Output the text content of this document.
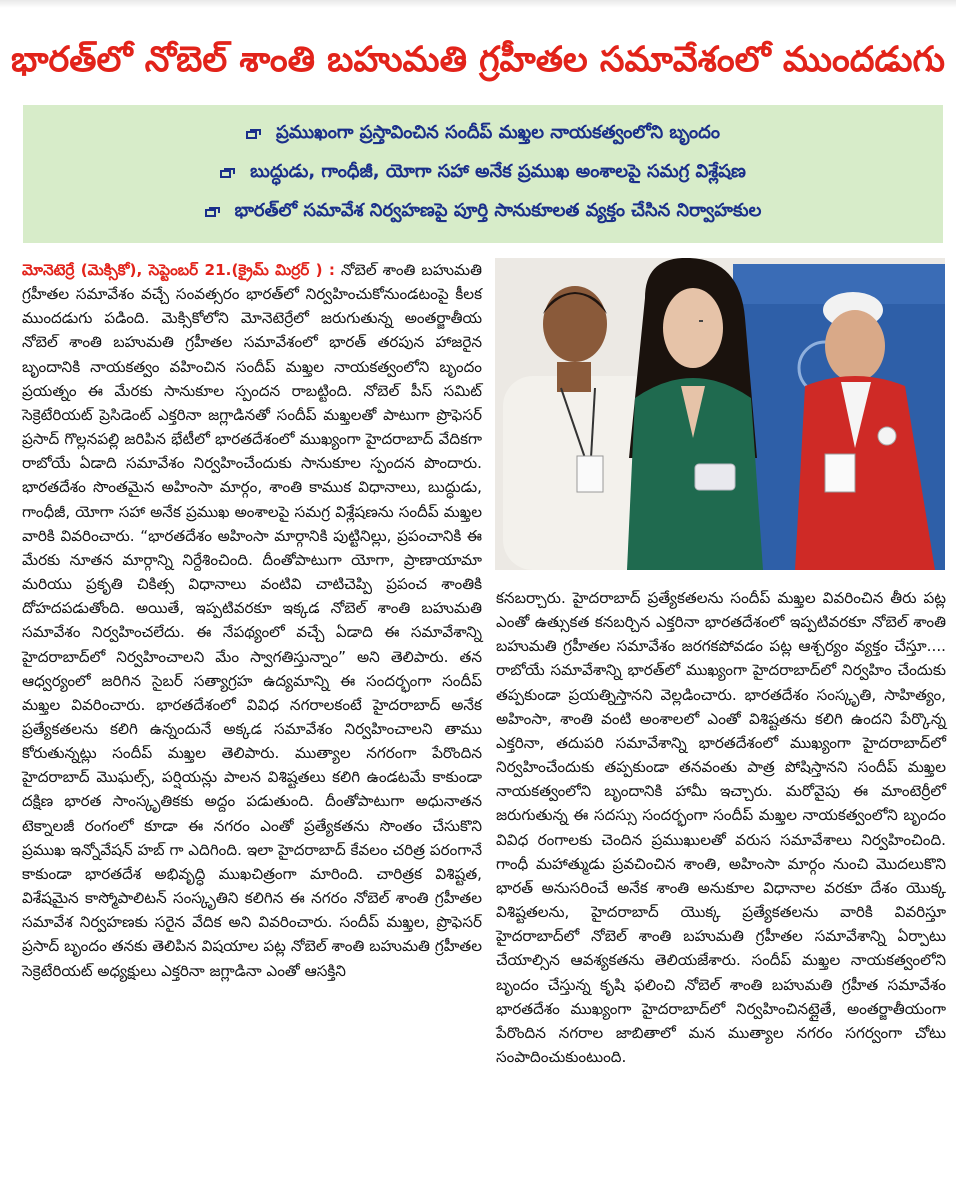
భారత్‌లో నోబెల్ శాంతి బహుమతి గ్రహీతల సమావేశంలో ముందడుగు
ప్రముఖంగా ప్రస్తావించిన సందీప్ మఖ్తల నాయకత్వంలోని బృందం
బుద్ధుడు, గాంధీజీ, యోగా సహా అనేక ప్రముఖ అంశాలపై సమగ్ర విశ్లేషణ
భారత్‌లో సమావేశ నిర్వహణపై పూర్తి సానుకూలత వ్యక్తం చేసిన నిర్వాహకుల
మోనెటెర్రే (మెక్సికో), సెప్టెంబర్ 21.(క్రైమ్ మిర్రర్ ) : నోబెల్ శాంతి బహుమతి గ్రహీతల సమావేశం వచ్చే సంవత్సరం భారత్‌లో నిర్వహించుకోనుండటంపై కీలక ముందడుగు పడింది. మెక్సికోలోని మోనెటెర్రేలో జరుగుతున్న అంతర్జాతీయ నోబెల్ శాంతి బహుమతి గ్రహీతల సమావేశంలో భారత్ తరపున హాజరైన బృందానికి నాయకత్వం వహించిన సందీప్ మఖ్తల నాయకత్వంలోని బృందం ప్రయత్నం ఈ మేరకు సానుకూల స్పందన రాబట్టింది. నోబెల్ పీస్ సమిట్ సెక్రెటేరియట్ ప్రెసిడెంట్ ఎక్తరినా జగ్లాడినతో సందీప్ మఖ్తలతో పాటుగా ప్రొఫెసర్ ప్రసాద్ గొల్లనపల్లి జరిపిన భేటీలో భారతదేశంలో ముఖ్యంగా హైదరాబాద్ వేదికగా రాబోయే ఏడాది సమావేశం నిర్వహించేందుకు సానుకూల స్పందన పొందారు. భారతదేశం సొంతమైన అహింసా మార్గం, శాంతి కాముక విధానాలు, బుద్ధుడు, గాంధీజీ, యోగా సహా అనేక ప్రముఖ అంశాలపై సమగ్ర విశ్లేషణను సందీప్ మఖ్తల వారికి వివరించారు. “భారతదేశం అహింసా మార్గానికి పుట్టినిల్లు, ప్రపంచానికి ఈ మేరకు నూతన మార్గాన్ని నిర్దేశించింది. దీంతోపాటుగా యోగా, ప్రాణాయామా మరియు ప్రకృతి చికిత్స విధానాలు వంటివి చాటిచెప్పి ప్రపంచ శాంతికి దోహదపడుతోంది. అయితే, ఇప్పటివరకూ ఇక్కడ నోబెల్ శాంతి బహుమతి సమావేశం నిర్వహించలేదు. ఈ నేపథ్యంలో వచ్చే ఏడాది ఈ సమావేశాన్ని హైదరాబాద్‌లో నిర్వహించాలని మేం స్వాగతిస్తున్నాం” అని తెలిపారు. తన ఆధ్వర్యంలో జరిగిన సైబర్ సత్యాగ్రహ ఉద్యమాన్ని ఈ సందర్భంగా సందీప్ మఖ్తల వివరించారు. భారతదేశంలో వివిధ నగరాలకంటే హైదరాబాద్ అనేక ప్రత్యేకతలను కలిగి ఉన్నందునే అక్కడ సమావేశం నిర్వహించాలని తాము కోరుతున్నట్లు సందీప్ మఖ్తల తెలిపారు. ముత్యాల నగరంగా పేరొందిన హైదరాబాద్ మొఘల్స్, పర్షియన్లు పాలన విశిష్టతలు కలిగి ఉండటమే కాకుండా దక్షిణ భారత సాంస్కృతికకు అద్దం పడుతుంది. దీంతోపాటుగా అధునాతన టెక్నాలజీ రంగంలో కూడా ఈ నగరం ఎంతో ప్రత్యేకతను సొంతం చేసుకొని ప్రముఖ ఇన్నోవేషన్ హబ్ గా ఎదిగింది. ఇలా హైదరాబాద్ కేవలం చరిత్ర పరంగానే కాకుండా భారతదేశ అభివృద్ధి ముఖచిత్రంగా మారింది. చారిత్రక విశిష్టత, విశేషమైన కాస్మోపాలిటన్ సంస్కృతిని కలిగిన ఈ నగరం నోబెల్ శాంతి గ్రహీతల సమావేశ నిర్వహణకు సరైన వేదిక అని వివరించారు. సందీప్ మఖ్తల, ప్రొఫెసర్ ప్రసాద్ బృందం తనకు తెలిపిన విషయాల పట్ల నోబెల్ శాంతి బహుమతి గ్రహీతల సెక్రెటేరియట్ అధ్యక్షులు ఎక్తరినా జగ్లాడినా ఎంతో ఆసక్తిని
కనబర్చారు. హైదరాబాద్ ప్రత్యేకతలను సందీప్ మఖ్తల వివరించిన తీరు పట్ల ఎంతో ఉత్సుకత కనబర్చిన ఎక్తరినా భారతదేశంలో ఇప్పటివరకూ నోబెల్ శాంతి బహుమతి గ్రహీతల సమావేశం జరగకపోవడం పట్ల ఆశ్చర్యం వ్యక్తం చేస్తూ.... రాబోయే సమావేశాన్ని భారత్‌లో ముఖ్యంగా హైదరాబాద్‌లో నిర్వహిం చేందుకు తప్పకుండా ప్రయత్నిస్తానని వెల్లడించారు. భారతదేశం సంస్కృతి, సాహిత్యం, అహింసా, శాంతి వంటి అంశాలలో ఎంతో విశిష్టతను కలిగి ఉందని పేర్కొన్న ఎక్తరినా, తదుపరి సమావేశాన్ని భారతదేశంలో ముఖ్యంగా హైదరాబాద్‌లో నిర్వహించేందుకు తప్పకుండా తనవంతు పాత్ర పోషిస్తానని సందీప్ మఖ్తల నాయకత్వంలోని బృందానికి హామీ ఇచ్చారు. మరోవైపు ఈ మాంటెర్రీలో జరుగుతున్న ఈ సదస్సు సందర్భంగా సందీప్ మఖ్తల నాయకత్వంలోని బృందం వివిధ రంగాలకు చెందిన ప్రముఖులతో వరుస సమావేశాలు నిర్వహించింది. గాంధీ మహాత్ముడు ప్రవచించిన శాంతి, అహింసా మార్గం నుంచి మొదలుకొని భారత్ అనుసరించే అనేక శాంతి అనుకూల విధానాల వరకూ దేశం యొక్క విశిష్టతలను, హైదరాబాద్ యొక్క ప్రత్యేకతలను వారికి వివరిస్తూ హైదరాబాద్‌లో నోబెల్ శాంతి బహుమతి గ్రహీతల సమావేశాన్ని ఏర్పాటు చేయాల్సిన ఆవశ్యకతను తెలియజేశారు. సందీప్ మఖ్తల నాయకత్వంలోని బృందం చేస్తున్న కృషి ఫలించి నోబెల్ శాంతి బహుమతి గ్రహీత సమావేశం భారతదేశం ముఖ్యంగా హైదరాబాద్‌లో నిర్వహించినట్లైతే, అంతర్జాతీయంగా పేరొందిన నగరాల జాబితాలో మన ముత్యాల నగరం సగర్వంగా చోటు సంపాదించుకుంటుంది.
